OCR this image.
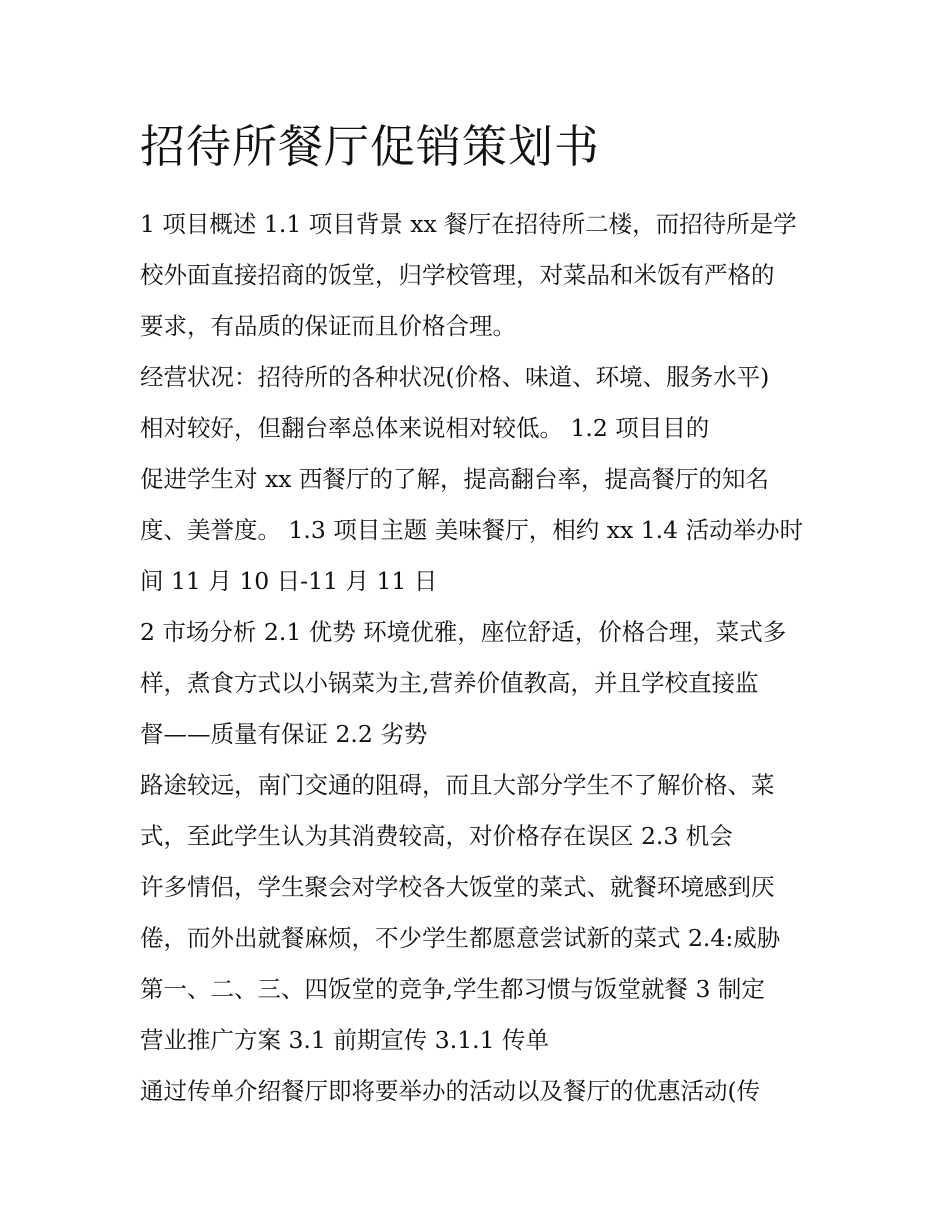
招待所餐厅促销策划书
1 项目概述 1.1 项目背景 xx 餐厅在招待所二楼，而招待所是学
校外面直接招商的饭堂，归学校管理，对菜品和米饭有严格的
要求，有品质的保证而且价格合理。
经营状况：招待所的各种状况(价格、味道、环境、服务水平)
相对较好，但翻台率总体来说相对较低。 1.2 项目目的
促进学生对 xx 西餐厅的了解，提高翻台率，提高餐厅的知名
度、美誉度。 1.3 项目主题 美味餐厅，相约 xx 1.4 活动举办时
间 11 月 10 日-11 月 11 日
2 市场分析 2.1 优势 环境优雅，座位舒适，价格合理，菜式多
样，煮食方式以小锅菜为主,营养价值教高，并且学校直接监
督——质量有保证 2.2 劣势
路途较远，南门交通的阻碍，而且大部分学生不了解价格、菜
式，至此学生认为其消费较高，对价格存在误区 2.3 机会
许多情侣，学生聚会对学校各大饭堂的菜式、就餐环境感到厌
倦，而外出就餐麻烦，不少学生都愿意尝试新的菜式 2.4:威胁
第一、二、三、四饭堂的竞争,学生都习惯与饭堂就餐 3 制定
营业推广方案 3.1 前期宣传 3.1.1 传单
通过传单介绍餐厅即将要举办的活动以及餐厅的优惠活动(传
